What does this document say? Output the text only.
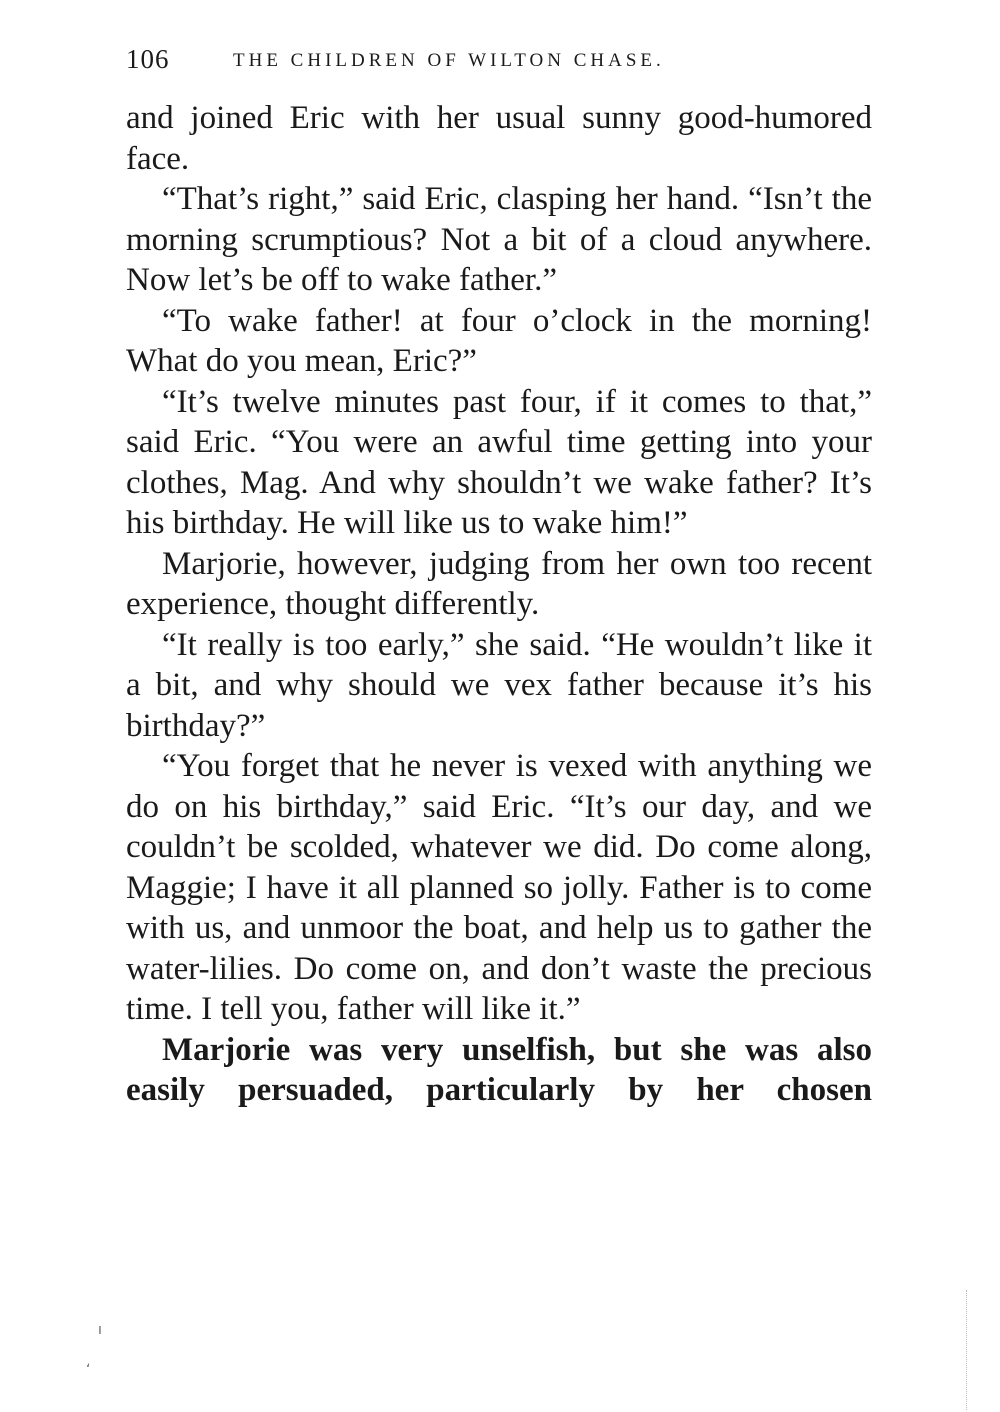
106	THE CHILDREN OF WILTON CHASE.

and joined Eric with her usual sunny good-humored face.

“That’s right,” said Eric, clasping her hand. “Isn’t the morning scrumptious? Not a bit of a cloud anywhere. Now let’s be off to wake father.”

“To wake father! at four o’clock in the morning! What do you mean, Eric?”

“It’s twelve minutes past four, if it comes to that,” said Eric. “You were an awful time getting into your clothes, Mag. And why shouldn’t we wake father? It’s his birthday. He will like us to wake him!”

Marjorie, however, judging from her own too recent experience, thought differently.

“It really is too early,” she said. “He wouldn’t like it a bit, and why should we vex father because it’s his birthday?”

“You forget that he never is vexed with anything we do on his birthday,” said Eric. “It’s our day, and we couldn’t be scolded, whatever we did. Do come along, Maggie; I have it all planned so jolly. Father is to come with us, and unmoor the boat, and help us to gather the water-lilies. Do come on, and don’t waste the precious time. I tell you, father will like it.”

Marjorie was very unselfish, but she was also easily persuaded, particularly by her chosen

ı
ʻ
